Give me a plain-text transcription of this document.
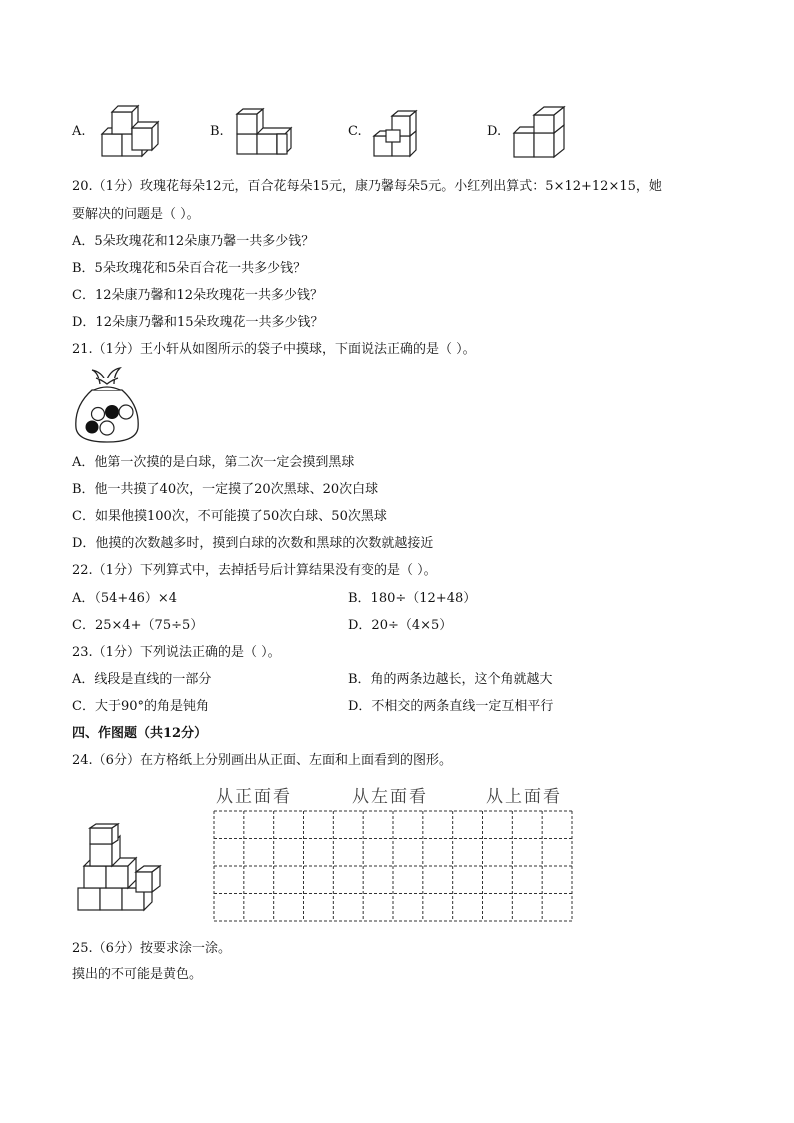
A.	B.	C.	D.
20.（1分）玫瑰花每朵12元，百合花每朵15元，康乃馨每朵5元。小红列出算式：5×12+12×15，她
要解决的问题是（ ）。
A．5朵玫瑰花和12朵康乃馨一共多少钱？
B．5朵玫瑰花和5朵百合花一共多少钱？
C．12朵康乃馨和12朵玫瑰花一共多少钱？
D．12朵康乃馨和15朵玫瑰花一共多少钱？
21.（1分）王小轩从如图所示的袋子中摸球，下面说法正确的是（ ）。
A．他第一次摸的是白球，第二次一定会摸到黑球
B．他一共摸了40次，一定摸了20次黑球、20次白球
C．如果他摸100次，不可能摸了50次白球、50次黑球
D．他摸的次数越多时，摸到白球的次数和黑球的次数就越接近
22.（1分）下列算式中，去掉括号后计算结果没有变的是（ ）。
A．（54+46）×4	B．180÷（12+48）
C．25×4+（75÷5）	D．20÷（4×5）
23.（1分）下列说法正确的是（ ）。
A．线段是直线的一部分	B．角的两条边越长，这个角就越大
C．大于90°的角是钝角	D．不相交的两条直线一定互相平行
四、作图题（共12分）
24.（6分）在方格纸上分别画出从正面、左面和上面看到的图形。
从正面看	从左面看	从上面看
25.（6分）按要求涂一涂。
摸出的不可能是黄色。
